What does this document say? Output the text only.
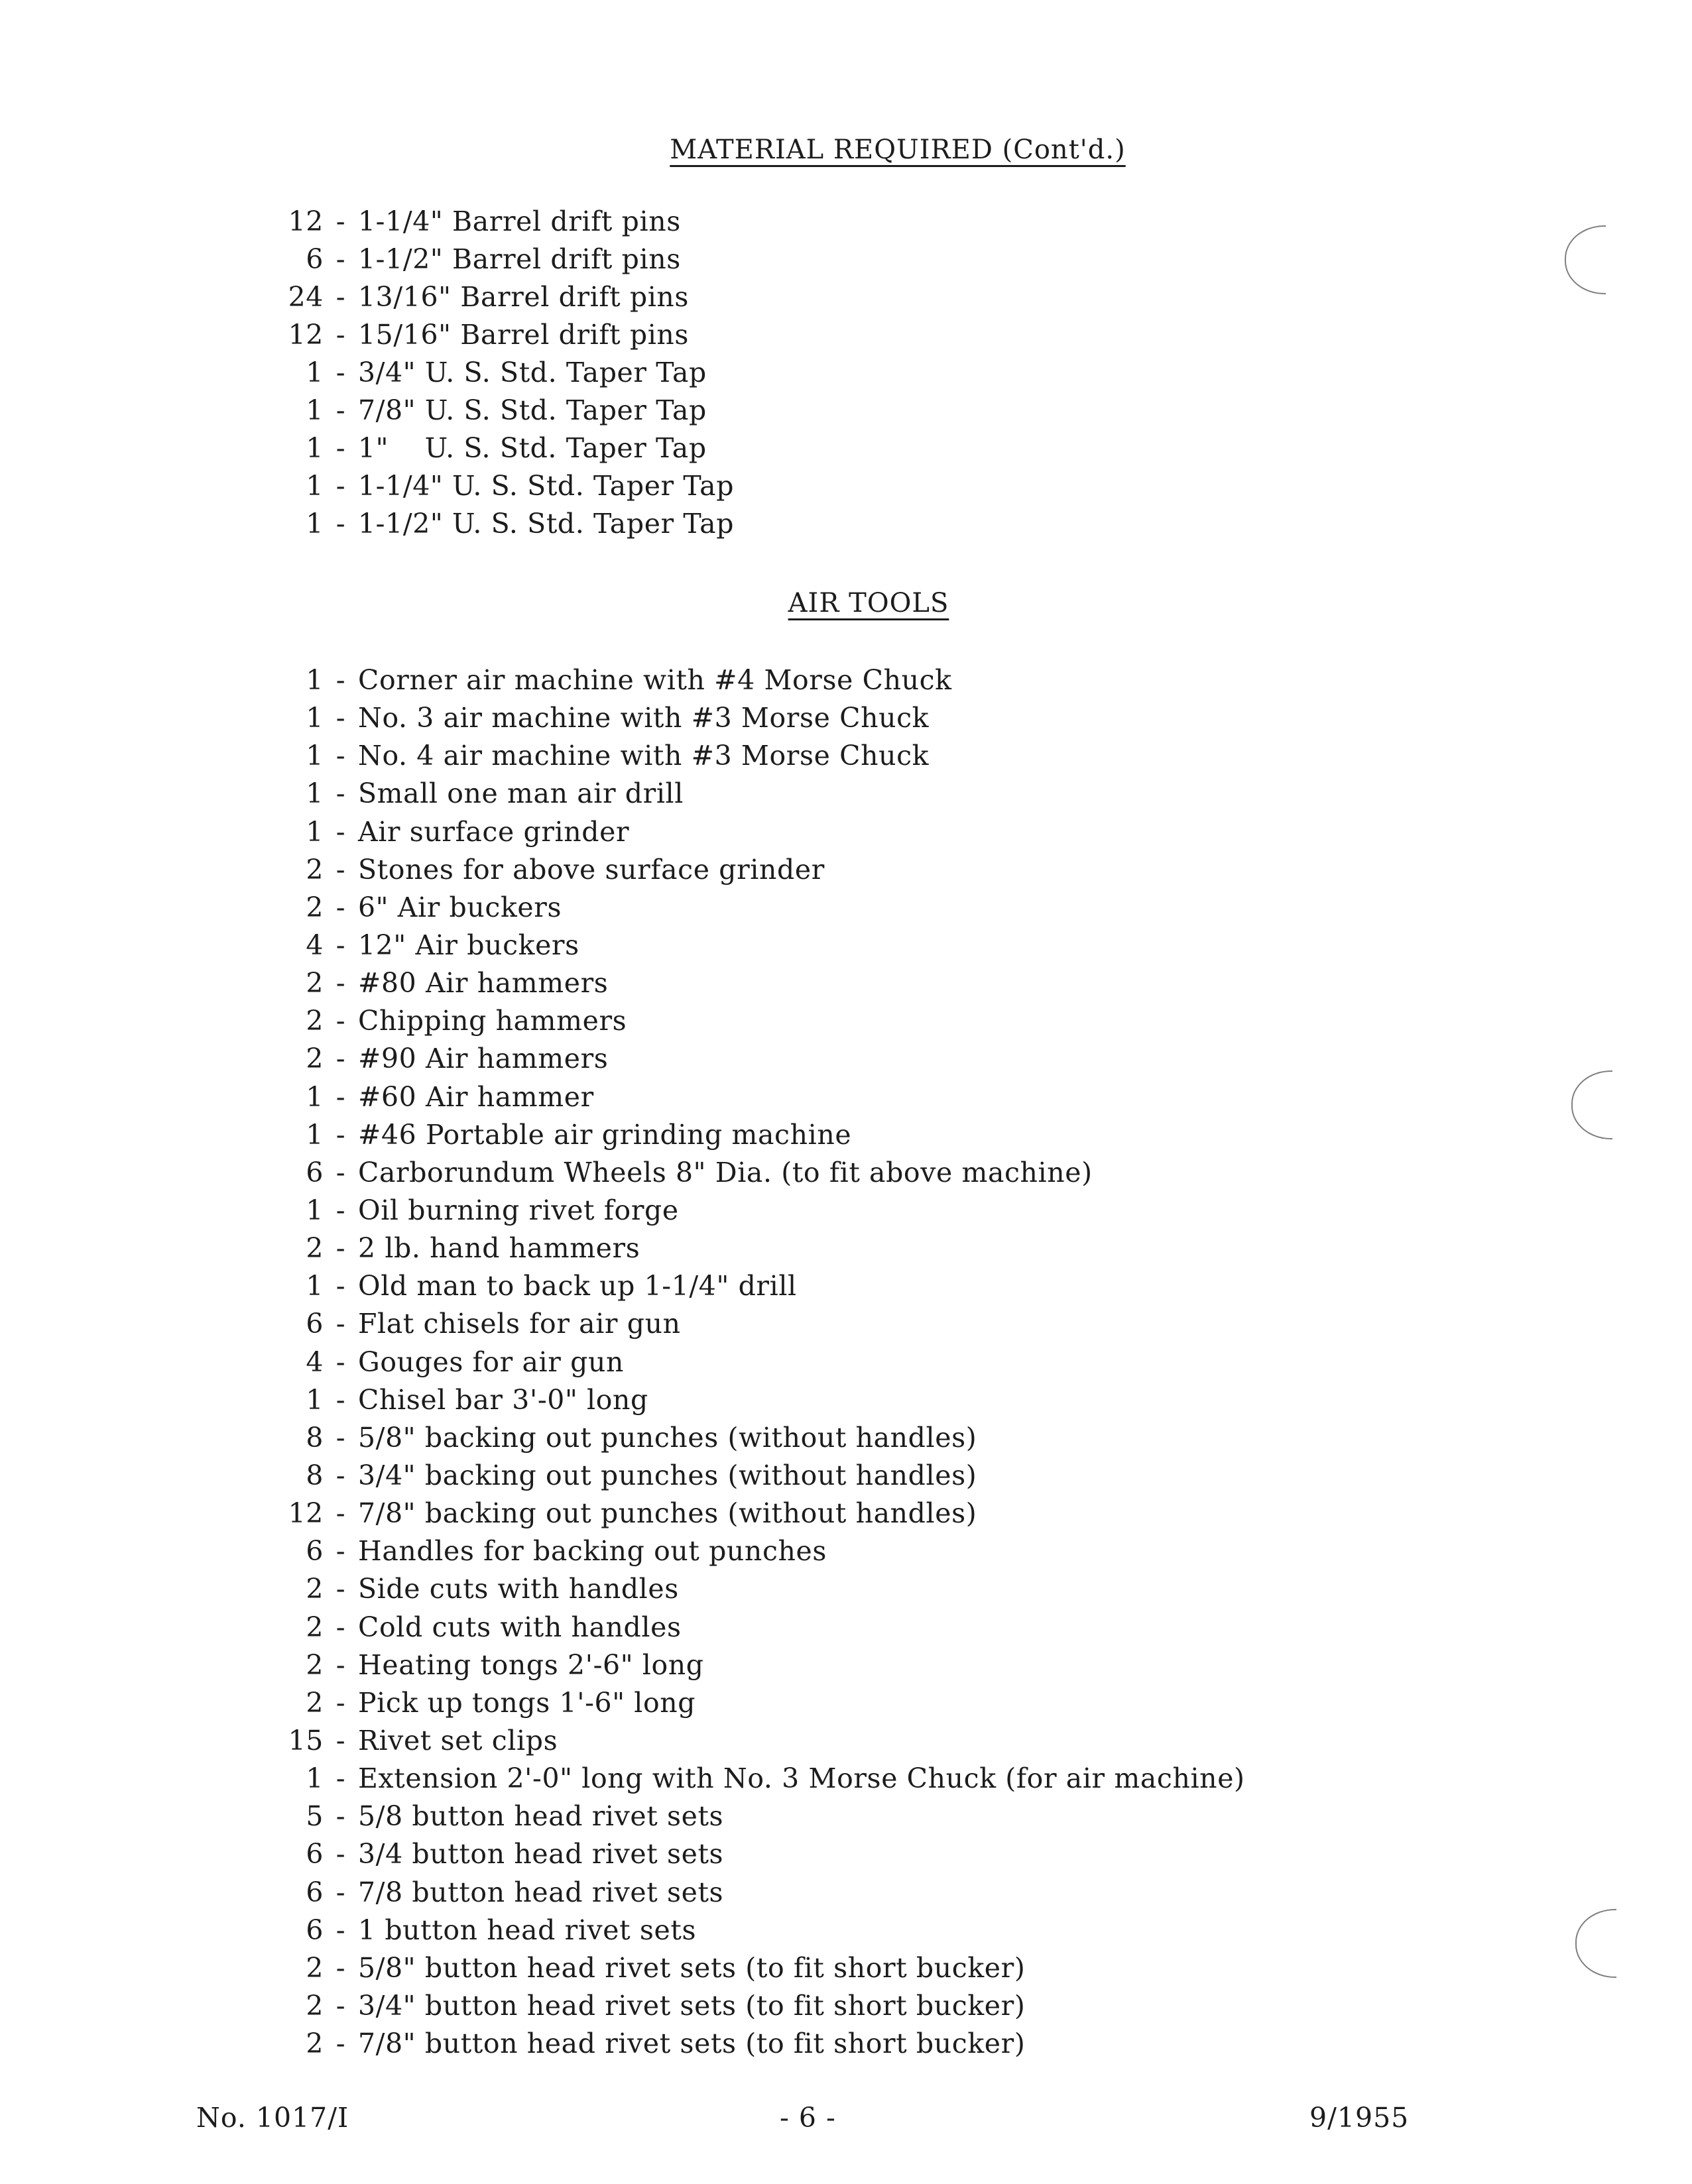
MATERIAL REQUIRED (Cont'd.)
12 - 1-1/4" Barrel drift pins
6 - 1-1/2" Barrel drift pins
24 - 13/16" Barrel drift pins
12 - 15/16" Barrel drift pins
1 - 3/4" U. S. Std. Taper Tap
1 - 7/8" U. S. Std. Taper Tap
1 - 1"    U. S. Std. Taper Tap
1 - 1-1/4" U. S. Std. Taper Tap
1 - 1-1/2" U. S. Std. Taper Tap
AIR TOOLS
1 - Corner air machine with #4 Morse Chuck
1 - No. 3 air machine with #3 Morse Chuck
1 - No. 4 air machine with #3 Morse Chuck
1 - Small one man air drill
1 - Air surface grinder
2 - Stones for above surface grinder
2 - 6" Air buckers
4 - 12" Air buckers
2 - #80 Air hammers
2 - Chipping hammers
2 - #90 Air hammers
1 - #60 Air hammer
1 - #46 Portable air grinding machine
6 - Carborundum Wheels 8" Dia. (to fit above machine)
1 - Oil burning rivet forge
2 - 2 lb. hand hammers
1 - Old man to back up 1-1/4" drill
6 - Flat chisels for air gun
4 - Gouges for air gun
1 - Chisel bar 3'-0" long
8 - 5/8" backing out punches (without handles)
8 - 3/4" backing out punches (without handles)
12 - 7/8" backing out punches (without handles)
6 - Handles for backing out punches
2 - Side cuts with handles
2 - Cold cuts with handles
2 - Heating tongs 2'-6" long
2 - Pick up tongs 1'-6" long
15 - Rivet set clips
1 - Extension 2'-0" long with No. 3 Morse Chuck (for air machine)
5 - 5/8 button head rivet sets
6 - 3/4 button head rivet sets
6 - 7/8 button head rivet sets
6 - 1 button head rivet sets
2 - 5/8" button head rivet sets (to fit short bucker)
2 - 3/4" button head rivet sets (to fit short bucker)
2 - 7/8" button head rivet sets (to fit short bucker)
No. 1017/I	- 6 -	9/1955
